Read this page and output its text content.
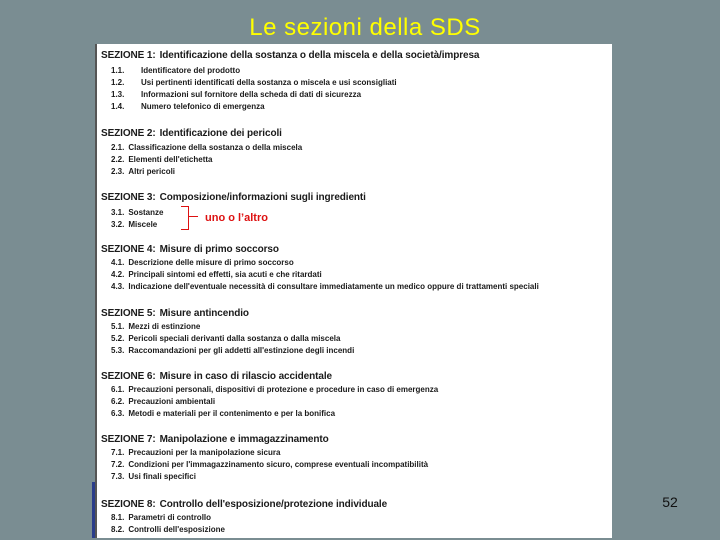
Le sezioni della SDS
52
SEZIONE 1: Identificazione della sostanza o della miscela e della società/impresa
1.1. Identificatore del prodotto
1.2. Usi pertinenti identificati della sostanza o miscela e usi sconsigliati
1.3. Informazioni sul fornitore della scheda di dati di sicurezza
1.4. Numero telefonico di emergenza
SEZIONE 2: Identificazione dei pericoli
2.1. Classificazione della sostanza o della miscela
2.2. Elementi dell'etichetta
2.3. Altri pericoli
SEZIONE 3: Composizione/informazioni sugli ingredienti
3.1. Sostanze
3.2. Miscele
uno o l’altro
SEZIONE 4: Misure di primo soccorso
4.1. Descrizione delle misure di primo soccorso
4.2. Principali sintomi ed effetti, sia acuti e che ritardati
4.3. Indicazione dell'eventuale necessità di consultare immediatamente un medico oppure di trattamenti speciali
SEZIONE 5: Misure antincendio
5.1. Mezzi di estinzione
5.2. Pericoli speciali derivanti dalla sostanza o dalla miscela
5.3. Raccomandazioni per gli addetti all'estinzione degli incendi
SEZIONE 6: Misure in caso di rilascio accidentale
6.1. Precauzioni personali, dispositivi di protezione e procedure in caso di emergenza
6.2. Precauzioni ambientali
6.3. Metodi e materiali per il contenimento e per la bonifica
SEZIONE 7: Manipolazione e immagazzinamento
7.1. Precauzioni per la manipolazione sicura
7.2. Condizioni per l'immagazzinamento sicuro, comprese eventuali incompatibilità
7.3. Usi finali specifici
SEZIONE 8: Controllo dell'esposizione/protezione individuale
8.1. Parametri di controllo
8.2. Controlli dell'esposizione
